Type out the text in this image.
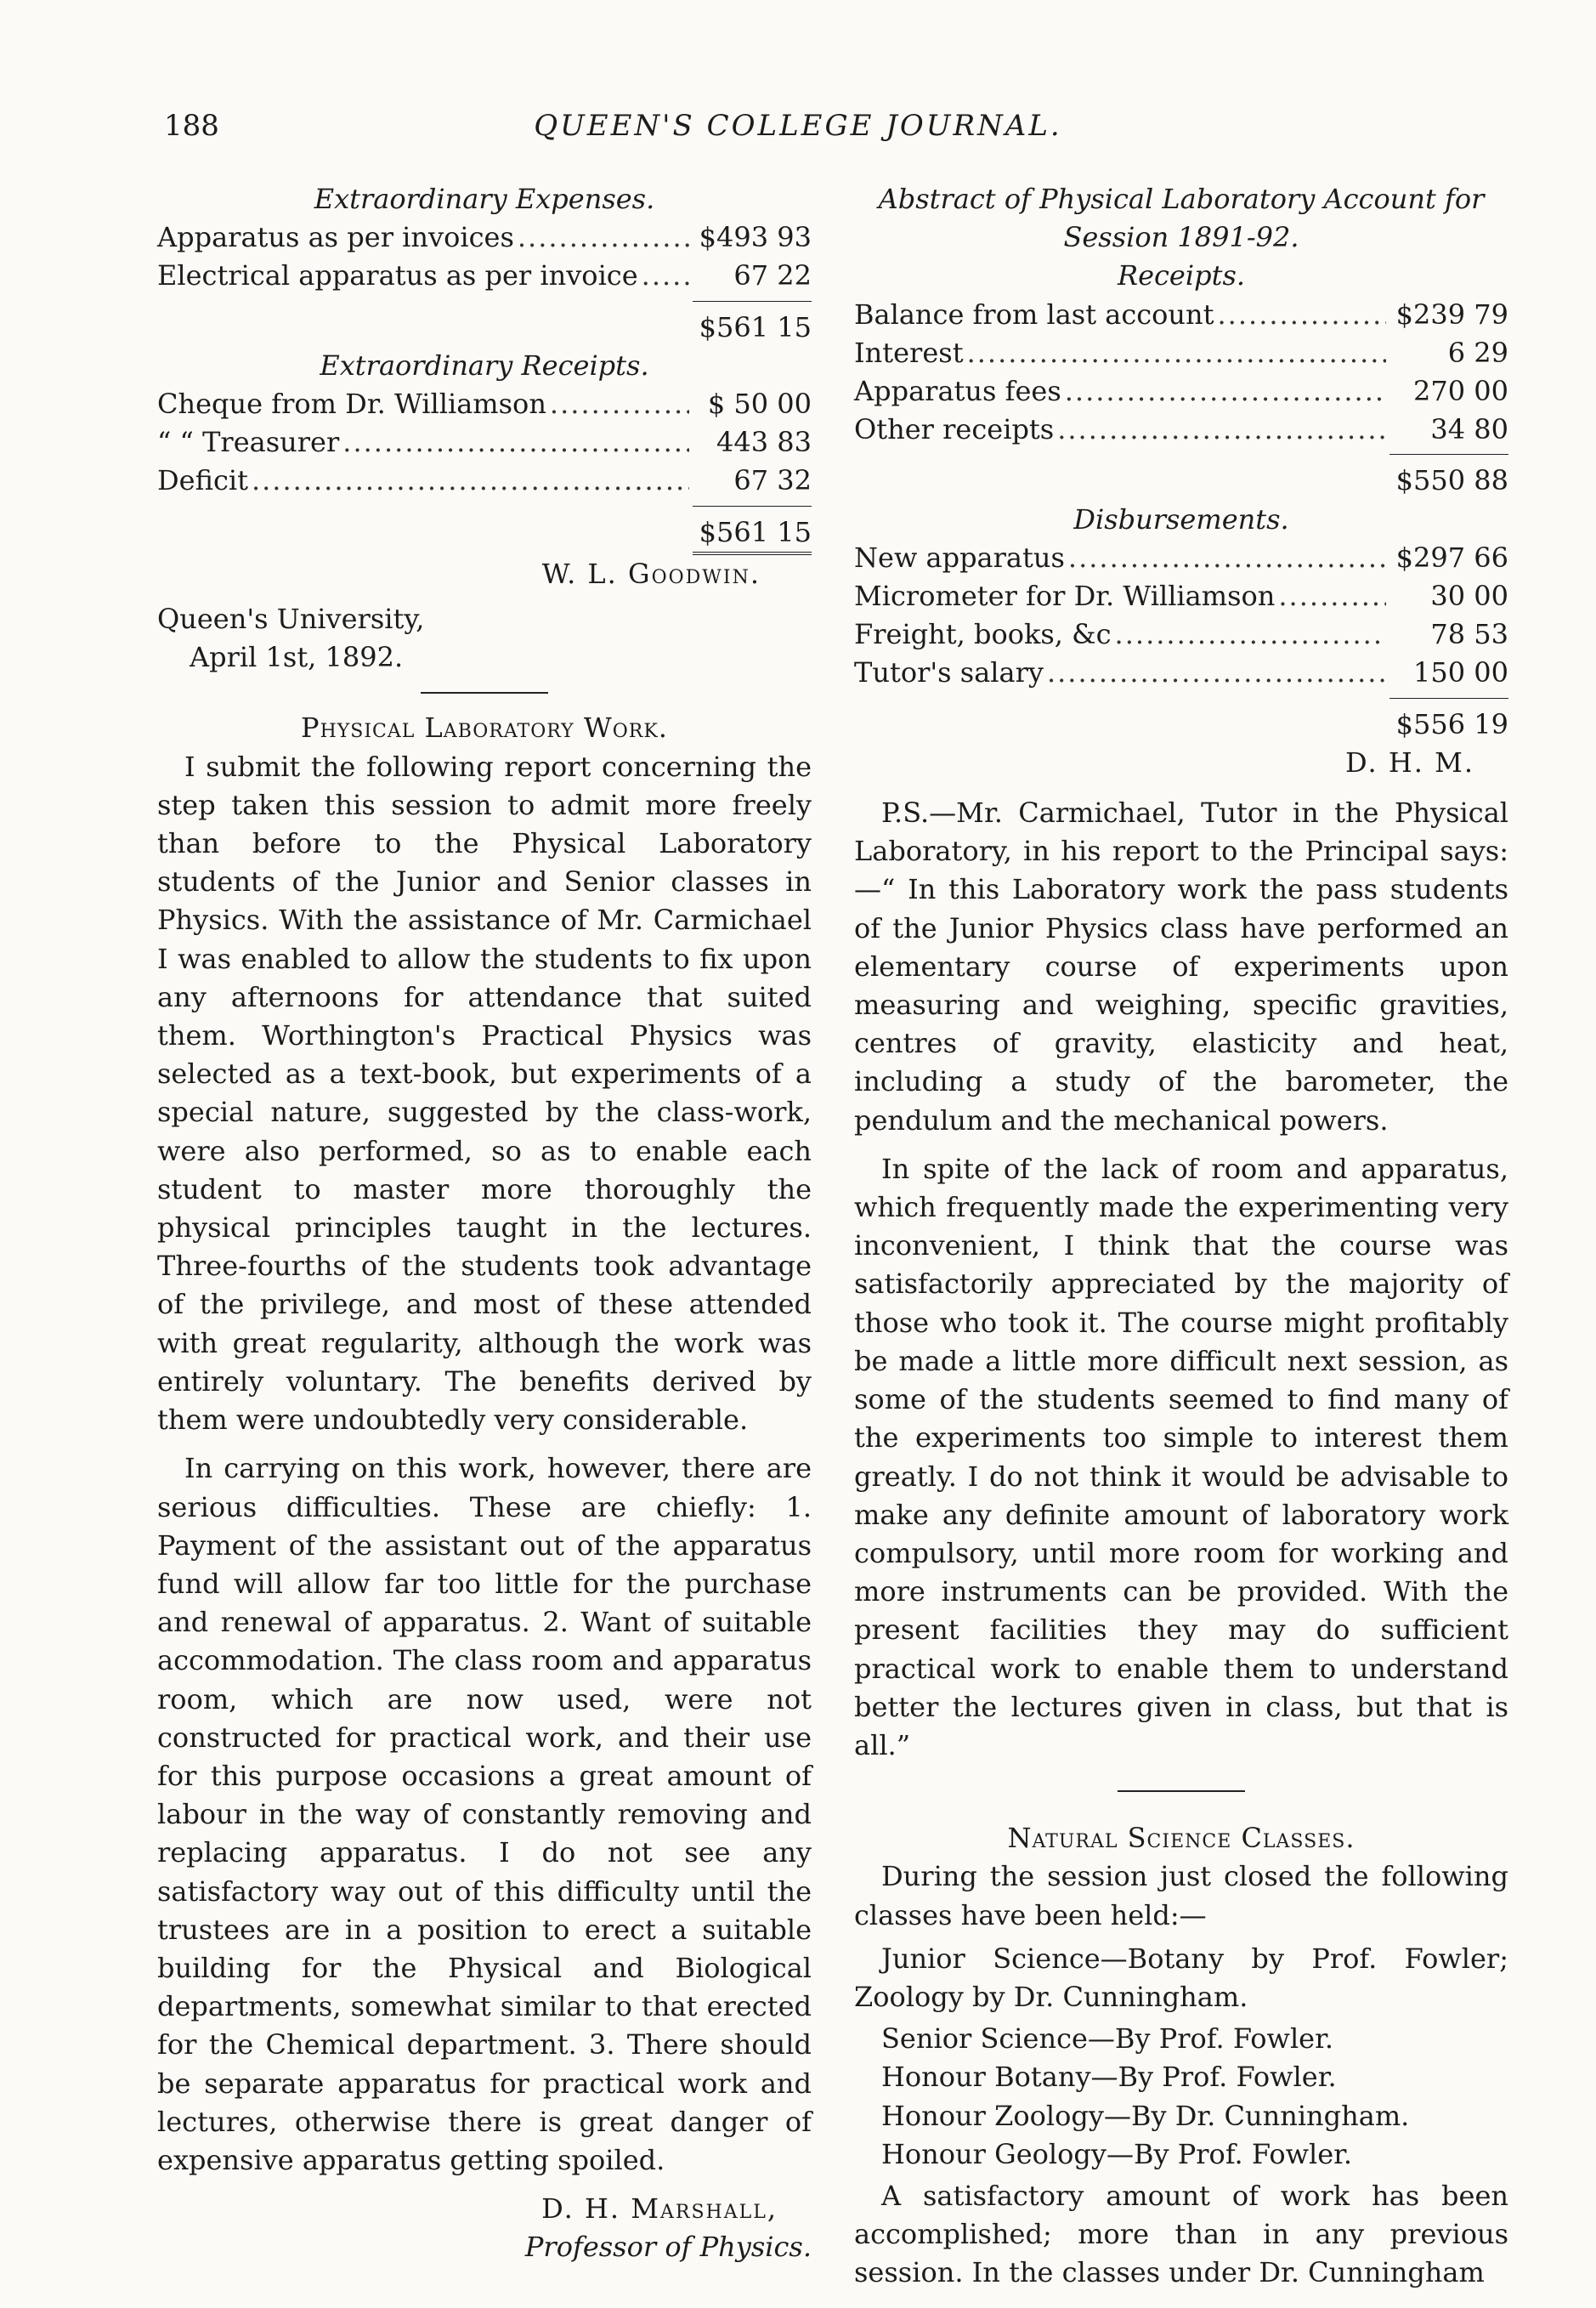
188	QUEEN'S COLLEGE JOURNAL.
Extraordinary Expenses.
Apparatus as per invoices .....	$493 93
Electrical apparatus as per invoice .....	67 22
$561 15
Extraordinary Receipts.
Cheque from Dr. Williamson .....	$ 50 00
“ “ Treasurer .....	443 83
Deficit .....	67 32
$561 15
W. L. Goodwin.
Queen's University,
April 1st, 1892.
Physical Laboratory Work.

I submit the following report concerning the step taken this session to admit more freely than before to the Physical Laboratory students of the Junior and Senior classes in Physics. With the assistance of Mr. Carmichael I was enabled to allow the students to fix upon any afternoons for attendance that suited them. Worthington's Practical Physics was selected as a text-book, but experiments of a special nature, suggested by the class-work, were also performed, so as to enable each student to master more thoroughly the physical principles taught in the lectures. Three-fourths of the students took advantage of the privilege, and most of these attended with great regularity, although the work was entirely voluntary. The benefits derived by them were undoubtedly very considerable.

In carrying on this work, however, there are serious difficulties. These are chiefly: 1. Payment of the assistant out of the apparatus fund will allow far too little for the purchase and renewal of apparatus. 2. Want of suitable accommodation. The class room and apparatus room, which are now used, were not constructed for practical work, and their use for this purpose occasions a great amount of labour in the way of constantly removing and replacing apparatus. I do not see any satisfactory way out of this difficulty until the trustees are in a position to erect a suitable building for the Physical and Biological departments, somewhat similar to that erected for the Chemical department. 3. There should be separate apparatus for practical work and lectures, otherwise there is great danger of expensive apparatus getting spoiled.

D. H. Marshall,
Professor of Physics.
Abstract of Physical Laboratory Account for Session 1891-92.
Receipts.
Balance from last account .....	$239 79
Interest .....	6 29
Apparatus fees .....	270 00
Other receipts .....	34 80
$550 88
Disbursements.
New apparatus .....	$297 66
Micrometer for Dr. Williamson .....	30 00
Freight, books, &c .....	78 53
Tutor's salary .....	150 00
$556 19
D. H. M.

P.S.—Mr. Carmichael, Tutor in the Physical Laboratory, in his report to the Principal says:—“ In this Laboratory work the pass students of the Junior Physics class have performed an elementary course of experiments upon measuring and weighing, specific gravities, centres of gravity, elasticity and heat, including a study of the barometer, the pendulum and the mechanical powers.

In spite of the lack of room and apparatus, which frequently made the experimenting very inconvenient, I think that the course was satisfactorily appreciated by the majority of those who took it. The course might profitably be made a little more difficult next session, as some of the students seemed to find many of the experiments too simple to interest them greatly. I do not think it would be advisable to make any definite amount of laboratory work compulsory, until more room for working and more instruments can be provided. With the present facilities they may do sufficient practical work to enable them to understand better the lectures given in class, but that is all.”

Natural Science Classes.

During the session just closed the following classes have been held:—

Junior Science—Botany by Prof. Fowler; Zoology by Dr. Cunningham.

Senior Science—By Prof. Fowler.

Honour Botany—By Prof. Fowler.

Honour Zoology—By Dr. Cunningham.

Honour Geology—By Prof. Fowler.

A satisfactory amount of work has been accomplished; more than in any previous session. In the classes under Dr. Cunningham
